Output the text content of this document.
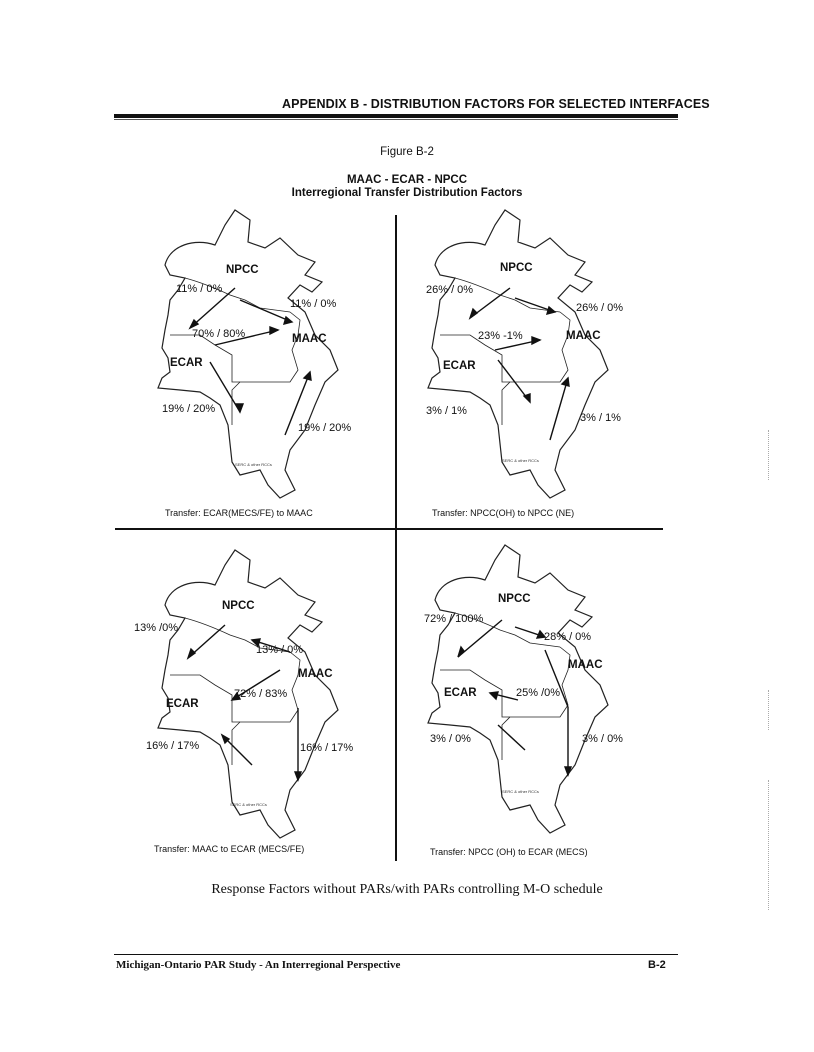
APPENDIX B - DISTRIBUTION FACTORS FOR SELECTED INTERFACES
Figure B-2
MAAC - ECAR - NPCC
Interregional Transfer Distribution Factors
NPCC
MAAC
ECAR
11% / 0%
11% / 0%
70% / 80%
19% / 20%
19% / 20%
SERC & other RCCs
Transfer: ECAR(MECS/FE) to MAAC
NPCC
MAAC
ECAR
26% / 0%
26% / 0%
23% -1%
3% / 1%
3% / 1%
SERC & other RCCs
Transfer: NPCC(OH) to NPCC (NE)
NPCC
MAAC
ECAR
13% /0%
13% / 0%
72% / 83%
16% / 17%	16% / 17%
SERC & other RCCs
Transfer: MAAC to ECAR (MECS/FE)
NPCC
MAAC
ECAR
72% / 100%
28% / 0%
25% /0%
3% / 0%	3% / 0%
SERC & other RCCs
Transfer: NPCC (OH) to ECAR (MECS)
Response Factors without PARs/with PARs controlling M-O schedule
Michigan-Ontario PAR Study - An Interregional Perspective	B-2
